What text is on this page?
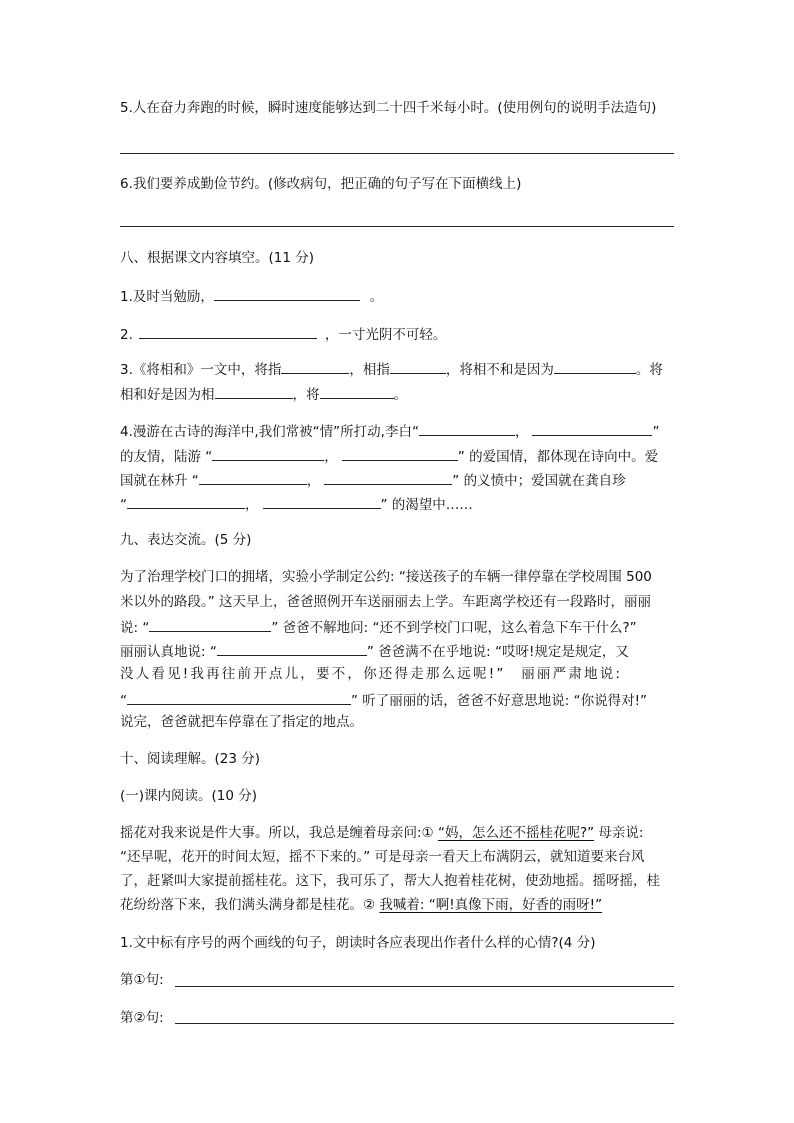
5.人在奋力奔跑的时候，瞬时速度能够达到二十四千米每小时。(使用例句的说明手法造句)
6.我们要养成勤俭节约。(修改病句，把正确的句子写在下面横线上)
八、根据课文内容填空。(11 分)
1.及时当勉励，	。
2.	，一寸光阴不可轻。
3.《将相和》一文中，将指	，相指	，将相不和是因为	。将
相和好是因为相	，将	。
4.漫游在古诗的海洋中,我们常被“情”所打动,李白“	，	”
的友情，陆游 “	，	” 的爱国情，都体现在诗向中。爱
国就在林升 “	，	” 的义愤中；爱国就在龚自珍
“	，	” 的渴望中……
九、表达交流。(5 分)
为了治理学校门口的拥堵，实验小学制定公约: “接送孩子的车辆一律停靠在学校周围 500
米以外的路段。” 这天早上，爸爸照例开车送丽丽去上学。车距离学校还有一段路时，丽丽
说: “	” 爸爸不解地问: “还不到学校门口呢，这么着急下车干什么?”
丽丽认真地说: “	” 爸爸满不在乎地说: “哎呀!规定是规定，又
没人看见!我再往前开点儿，要不，你还得走那么远呢!”　丽丽严肃地说:
“	” 听了丽丽的话，爸爸不好意思地说: “你说得对!”
说完，爸爸就把车停靠在了指定的地点。
十、阅读理解。(23 分)
(一)课内阅读。(10 分)
摇花对我来说是件大事。所以，我总是缠着母亲问:① “妈，怎么还不摇桂花呢?” 母亲说:
“还早呢，花开的时间太短，摇不下来的。” 可是母亲一看天上布满阴云，就知道要来台风
了，赶紧叫大家提前摇桂花。这下，我可乐了，帮大人抱着桂花树，使劲地摇。摇呀摇，桂
花纷纷落下来，我们满头满身都是桂花。② 我喊着: “啊!真像下雨，好香的雨呀!”
1.文中标有序号的两个画线的句子，朗读时各应表现出作者什么样的心情?(4 分)
第①句:
第②句:
